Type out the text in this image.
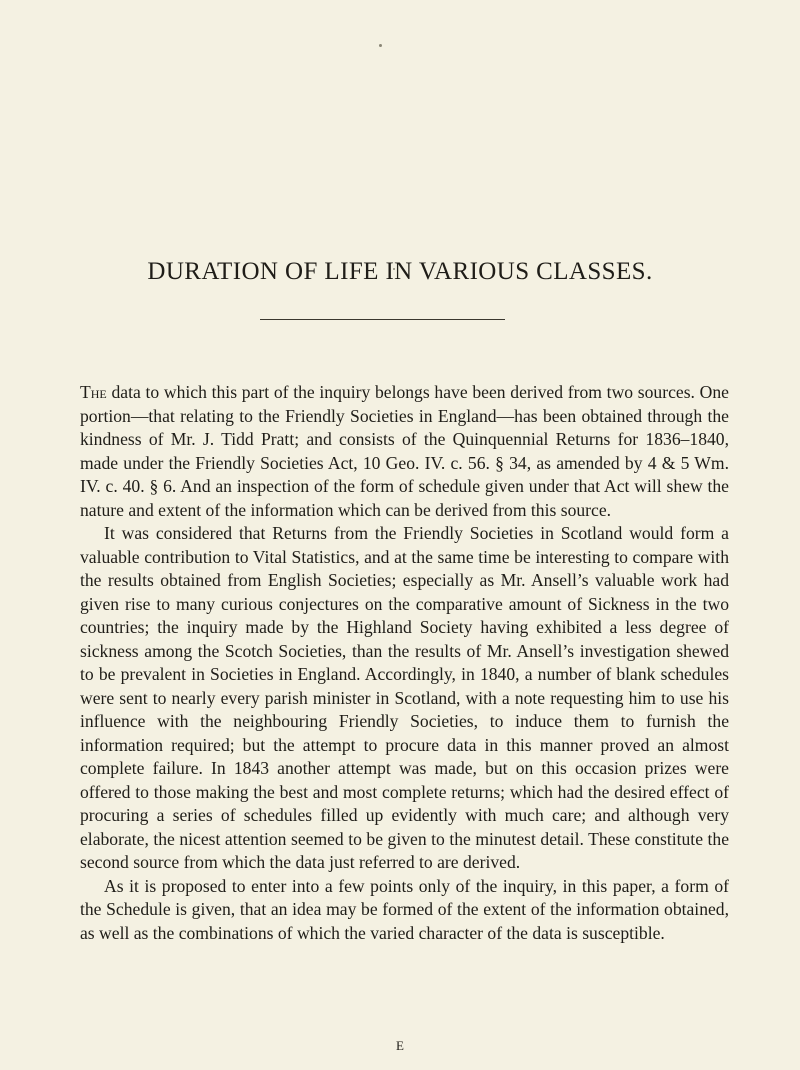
DURATION OF LIFE IN VARIOUS CLASSES.

The data to which this part of the inquiry belongs have been derived from two sources. One portion—that relating to the Friendly Societies in England—has been obtained through the kindness of Mr. J. Tidd Pratt; and consists of the Quinquennial Returns for 1836–1840, made under the Friendly Societies Act, 10 Geo. IV. c. 56. § 34, as amended by 4 & 5 Wm. IV. c. 40. § 6. And an inspection of the form of schedule given under that Act will shew the nature and extent of the information which can be derived from this source.

It was considered that Returns from the Friendly Societies in Scotland would form a valuable contribution to Vital Statistics, and at the same time be interesting to compare with the results obtained from English Societies; especially as Mr. Ansell’s valuable work had given rise to many curious conjectures on the comparative amount of Sickness in the two countries; the inquiry made by the Highland Society having exhibited a less degree of sickness among the Scotch Societies, than the results of Mr. Ansell’s investigation shewed to be prevalent in Societies in England. Accordingly, in 1840, a number of blank schedules were sent to nearly every parish minister in Scotland, with a note requesting him to use his influence with the neighbouring Friendly Societies, to induce them to furnish the information required; but the attempt to procure data in this manner proved an almost complete failure. In 1843 another attempt was made, but on this occasion prizes were offered to those making the best and most complete returns; which had the desired effect of procuring a series of schedules filled up evidently with much care; and although very elaborate, the nicest attention seemed to be given to the minutest detail. These constitute the second source from which the data just referred to are derived.

As it is proposed to enter into a few points only of the inquiry, in this paper, a form of the Schedule is given, that an idea may be formed of the extent of the information obtained, as well as the combinations of which the varied character of the data is susceptible.

E
